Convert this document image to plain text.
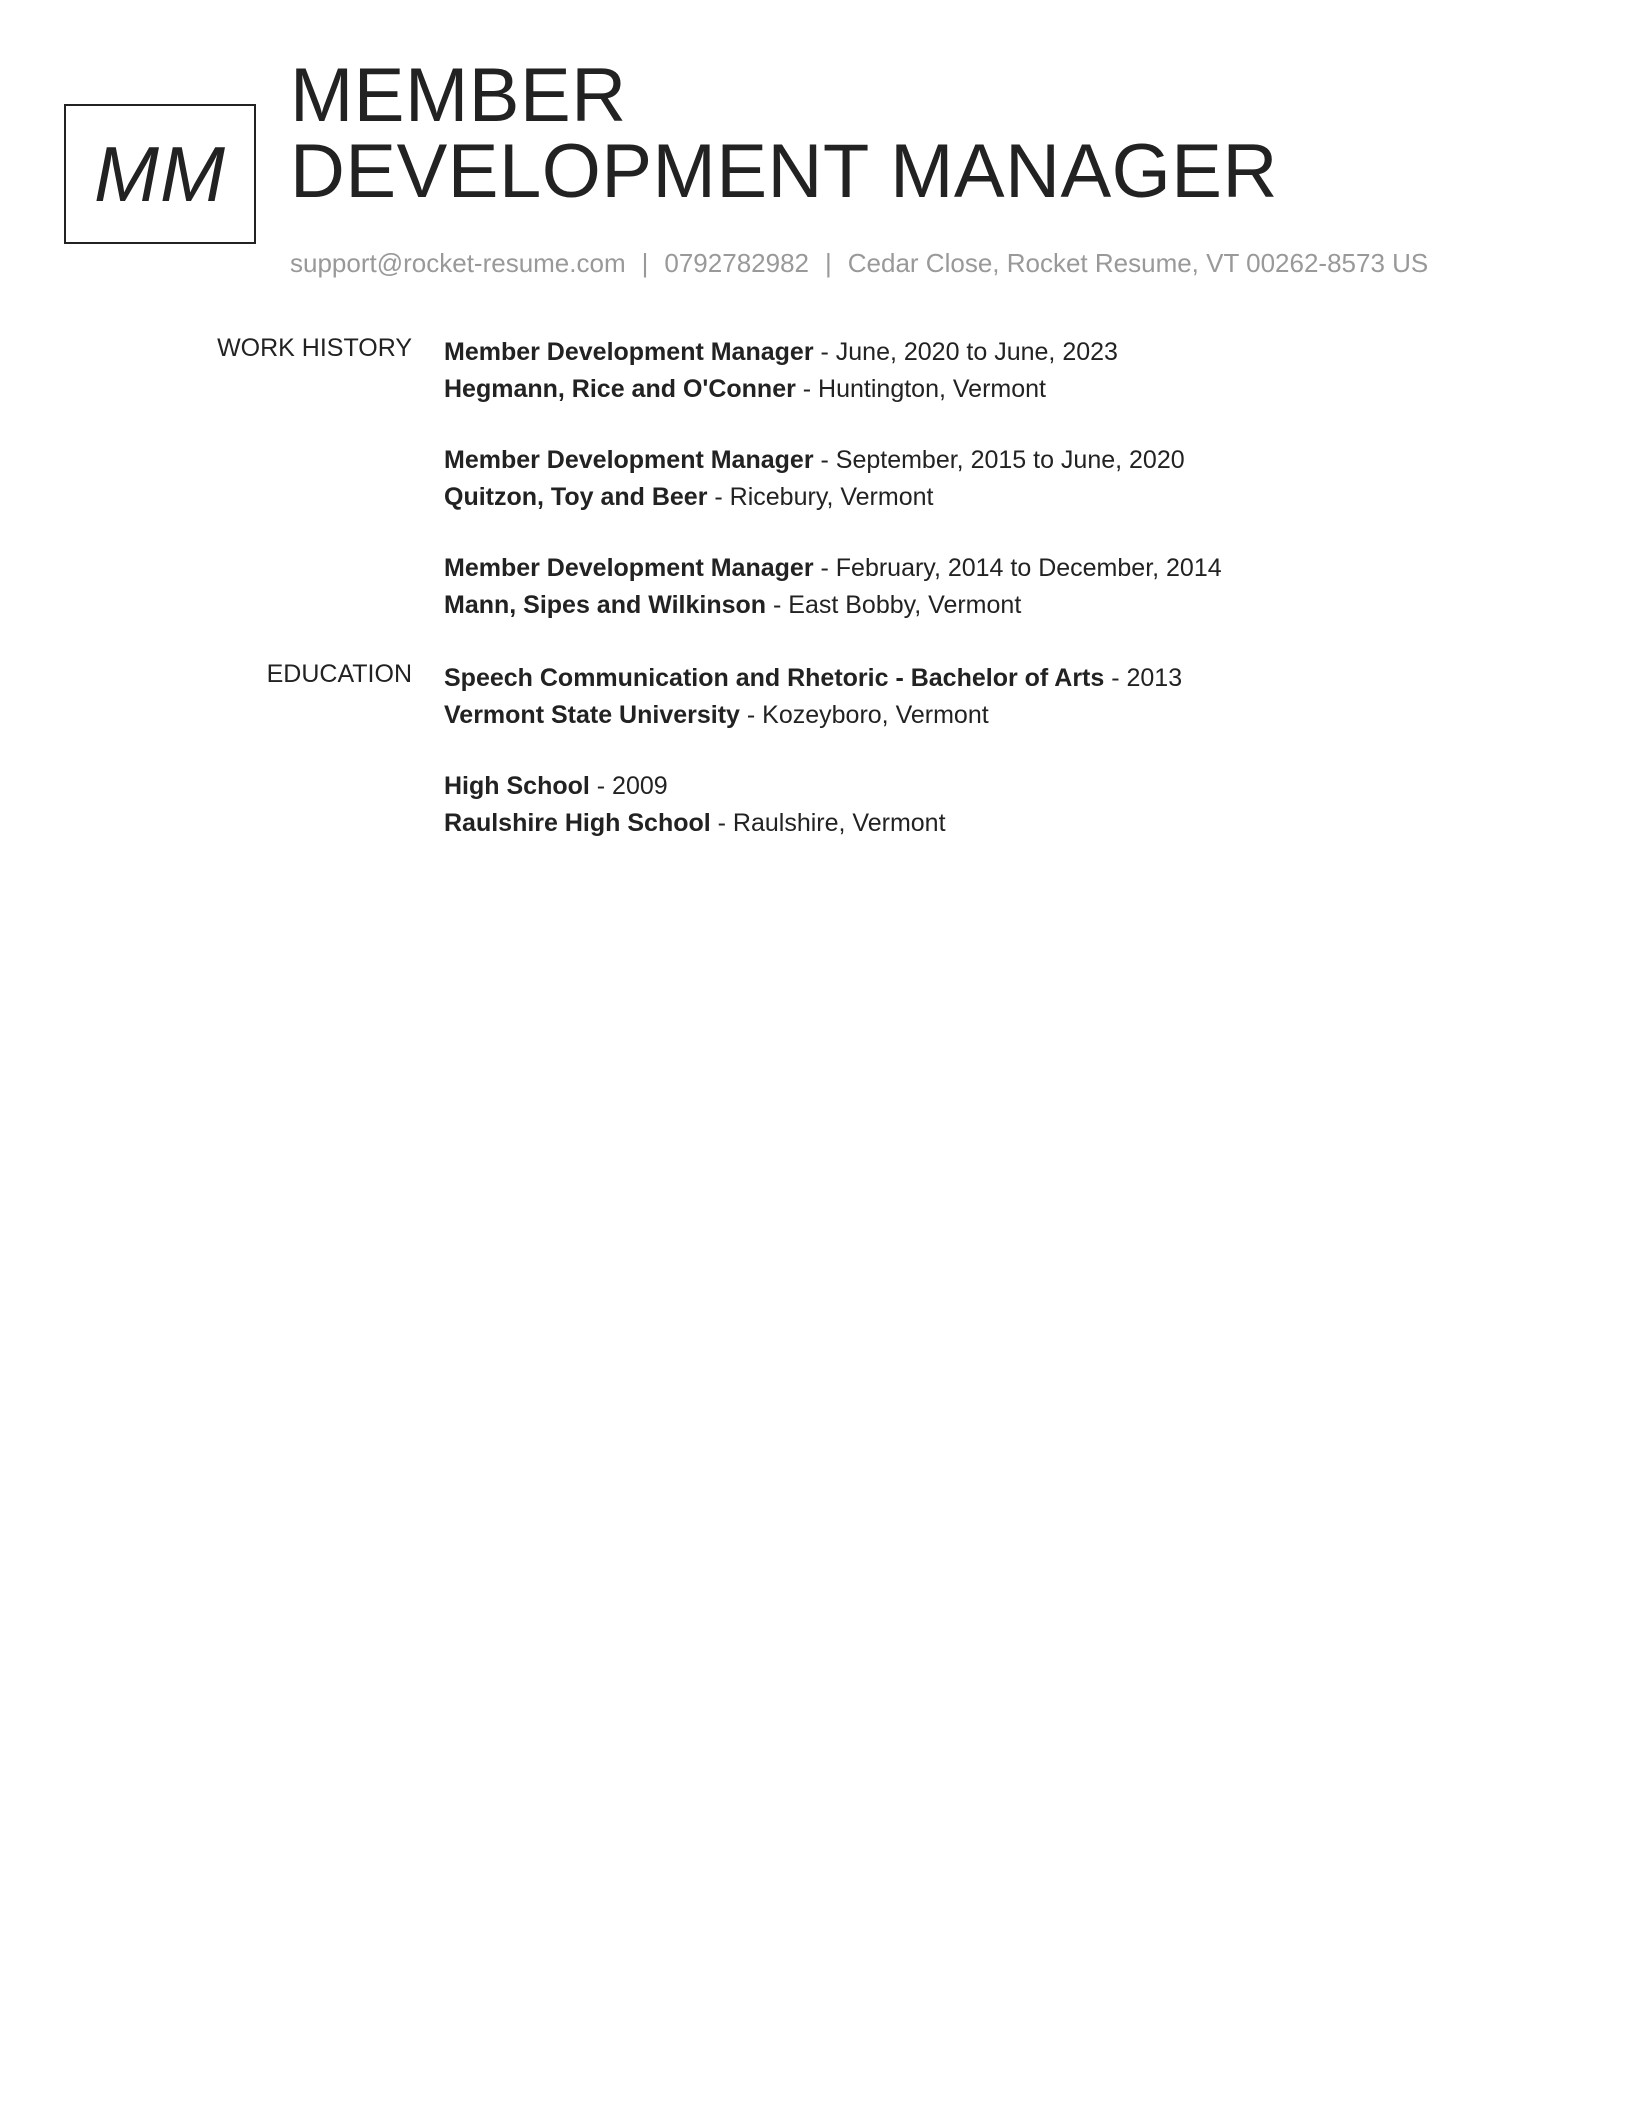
MM
MEMBER
DEVELOPMENT MANAGER
support@rocket-resume.com | 0792782982 | Cedar Close, Rocket Resume, VT 00262-8573 US
WORK HISTORY Member Development Manager - June, 2020 to June, 2023
Hegmann, Rice and O'Conner - Huntington, Vermont
Member Development Manager - September, 2015 to June, 2020
Quitzon, Toy and Beer - Ricebury, Vermont
Member Development Manager - February, 2014 to December, 2014
Mann, Sipes and Wilkinson - East Bobby, Vermont
EDUCATION Speech Communication and Rhetoric - Bachelor of Arts - 2013
Vermont State University - Kozeyboro, Vermont
High School - 2009
Raulshire High School - Raulshire, Vermont
